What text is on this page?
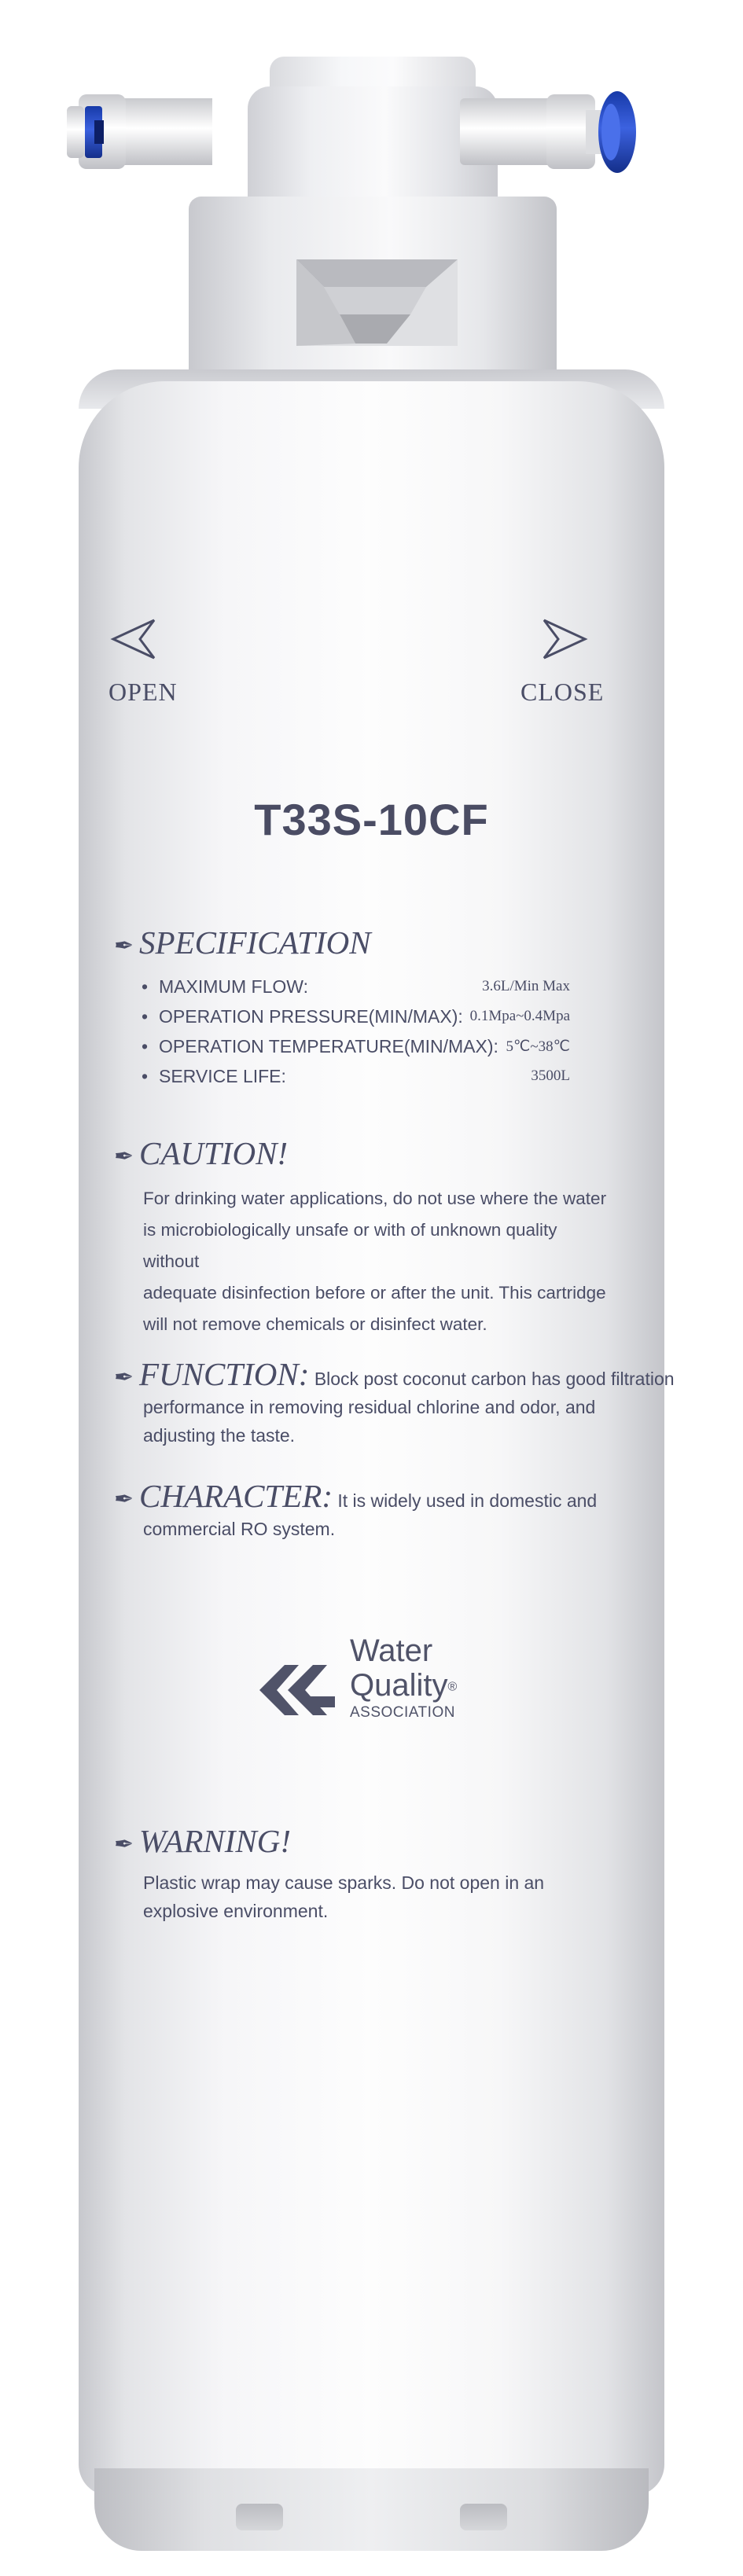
OPEN	CLOSE
T33S-10CF
✒ SPECIFICATION
• MAXIMUM FLOW:	3.6L/Min Max
• OPERATION PRESSURE(MIN/MAX): 0.1Mpa~0.4Mpa
• OPERATION TEMPERATURE(MIN/MAX): 5℃~38℃
• SERVICE LIFE:	3500L
✒ CAUTION!
For drinking water applications, do not use where the water
is microbiologically unsafe or with of unknown quality without
adequate disinfection before or after the unit. This cartridge
will not remove chemicals or disinfect water.
✒ FUNCTION: Block post coconut carbon has good filtration
performance in removing residual chlorine and odor, and
adjusting the taste.
✒ CHARACTER: It is widely used in domestic and
commercial RO system.
Water
Quality®
ASSOCIATION
✒ WARNING!
Plastic wrap may cause sparks. Do not open in an
explosive environment.
